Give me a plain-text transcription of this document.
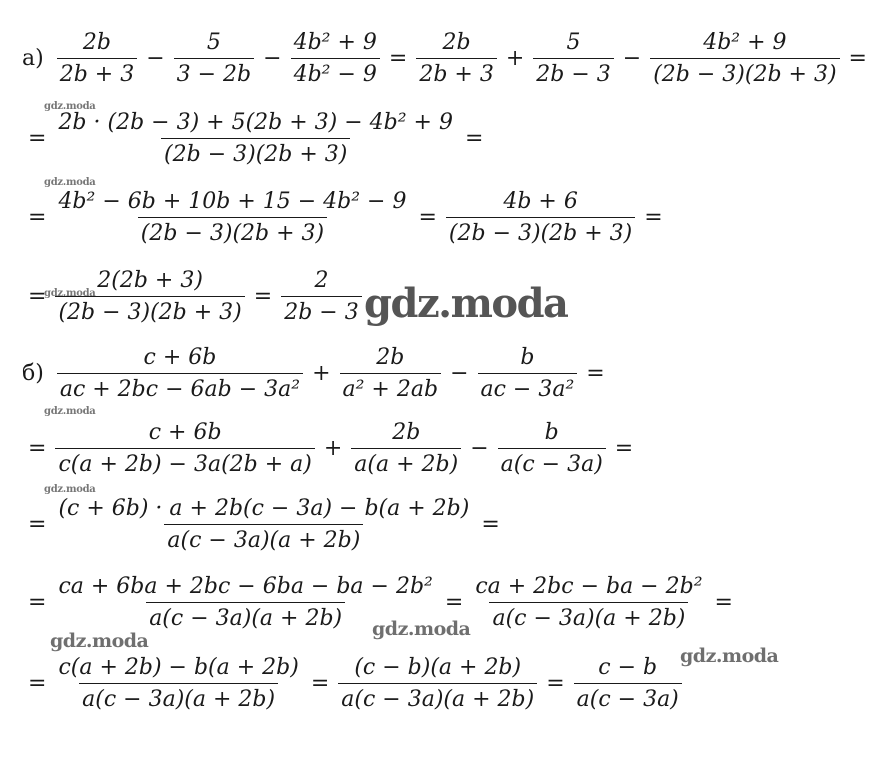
$а) \frac{2b}{2b + 3} - \frac{5}{3 - 2b} - \frac{\text{4b² + 9}}{\text{4b² − 9}} = \frac{2b}{2b + 3} + \frac{5}{2b - 3} - \frac{\text{4b² + 9}}{(2b - 3)(2b + 3)}$ =
= $\frac{\text{2b · (2b − 3) + 5(2b + 3) − 4b² + 9}}{(2b - 3)(2b + 3)}$ =
= $\frac{\text{4b² − 6b + 10b + 15 − 4b² − 9}}{(2b - 3)(2b + 3)} = \frac{4b + 6}{(2b - 3)(2b + 3)}$ =
= $\frac{2(2b + 3)}{(2b - 3)(2b + 3)} = \frac{2}{2b - 3}$
$б) \frac{c + 6b}{\text{ac + 2bc − 6ab − 3a²}} + \frac{2b}{\text{a² + 2ab}} - \frac{b}{\text{ac − 3a²}}$ =
= $\frac{c + 6b}{c(a + 2b) - 3a(2b + a)} + \frac{2b}{a(a + 2b)} - \frac{b}{a(c - 3a)}$ =
= $\frac{(c + 6b) \cdot a + 2b(c - 3a) - b(a + 2b)}{a(c - 3a)(a + 2b)}$ =
= $\frac{\text{ca + 6ba + 2bc − 6ba − ba − 2b²}}{a(c - 3a)(a + 2b)} = \frac{\text{ca + 2bc − ba − 2b²}}{a(c - 3a)(a + 2b)}$ =
= $\frac{c(a + 2b) - b(a + 2b)}{a(c - 3a)(a + 2b)} = \frac{(c - b)(a + 2b)}{a(c - 3a)(a + 2b)} = \frac{c - b}{a(c - 3a)}$
gdz.moda
gdz.moda
gdz.moda
gdz.moda
gdz.moda
gdz.moda
gdz.moda
gdz.moda
gdz.moda
